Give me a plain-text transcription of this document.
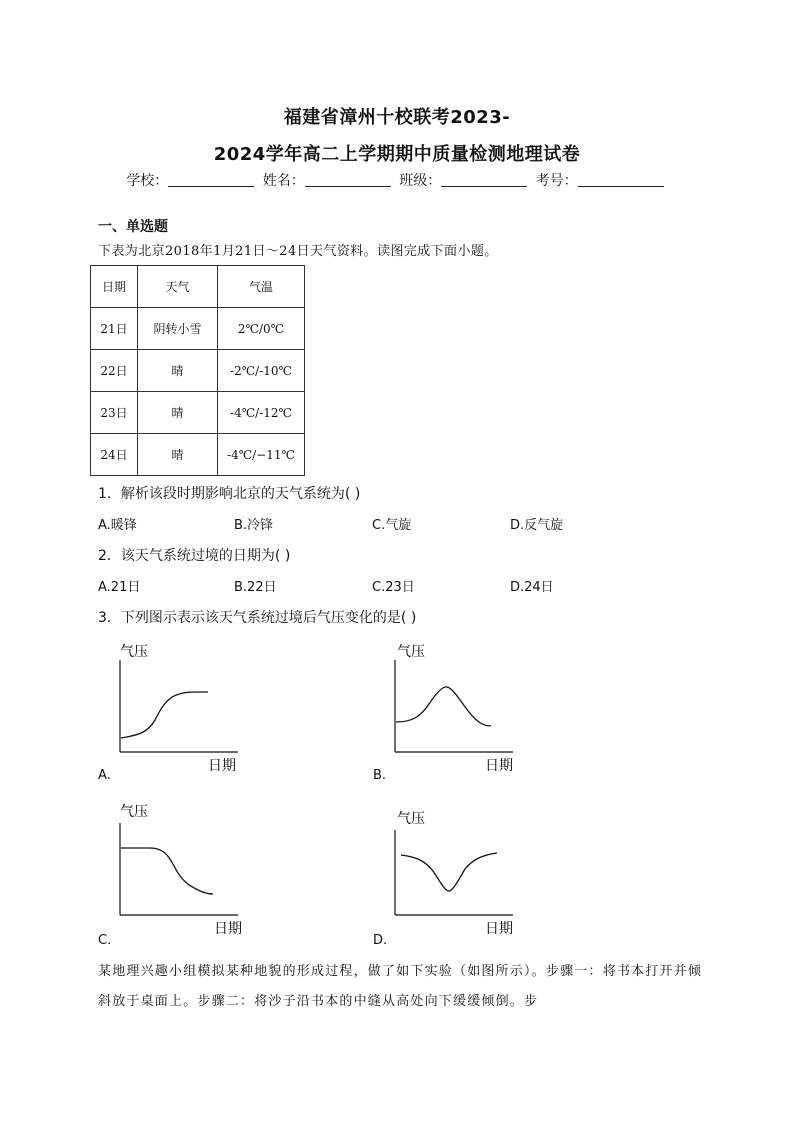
福建省漳州十校联考2023-
2024学年高二上学期期中质量检测地理试卷
学校：	姓名：	班级：	考号：
一、单选题
下表为北京2018年1月21日～24日天气资料。读图完成下面小题。
日期	天气	气温
21日	阴转小雪	2℃/0℃
22日	晴	-2℃/-10℃
23日	晴	-4℃/-12℃
24日	晴	-4℃/−11℃
1．解析该段时期影响北京的天气系统为( )
A.暖锋	B.冷锋	C.气旋	D.反气旋
2．该天气系统过境的日期为( )
A.21日	B.22日	C.23日	D.24日
3．下列图示表示该天气系统过境后气压变化的是( )
气压
日期
A.
气压
日期
B.
气压
日期
C.
气压
日期
D.
某地理兴趣小组模拟某种地貌的形成过程，做了如下实验（如图所示）。步骤一：将书本打开并倾斜放于桌面上。步骤二：将沙子沿书本的中缝从高处向下缓缓倾倒。步
